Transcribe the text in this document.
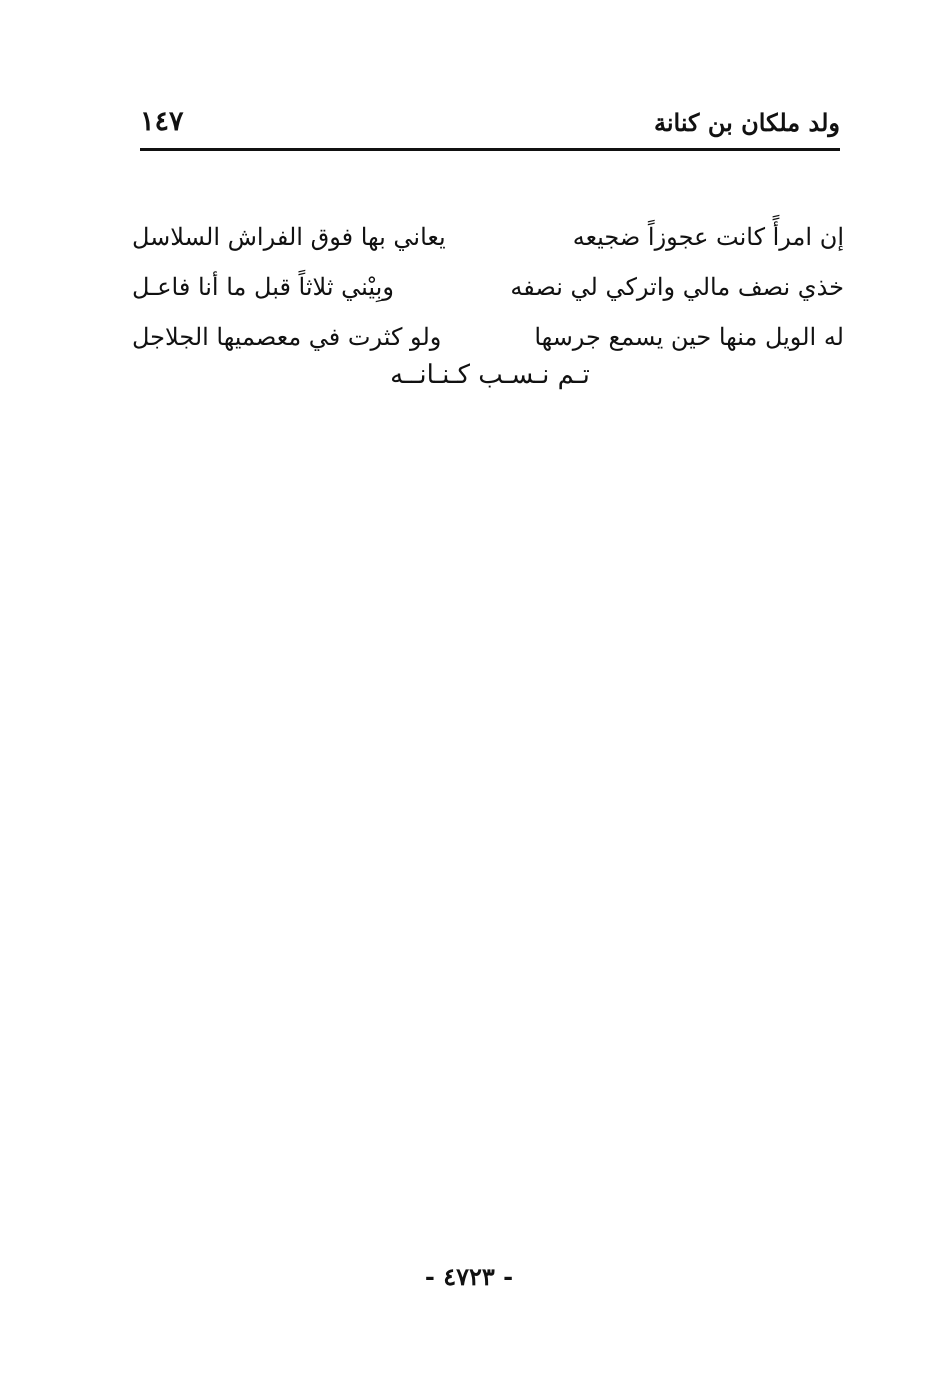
ولد ملكان بن كنانة
١٤٧
إن امرأً كانت عجوزاً ضجيعه
يعاني بها فوق الفراش السلاسل
خذي نصف مالي واتركي لي نصفه
وبِيْني ثلاثاً قبل ما أنا فاعـل
له الويل منها حين يسمع جرسها
ولو كثرت في معصميها الجلاجل
تـم نـسـب كـنـانــه
- ٤٧٢٣ -
